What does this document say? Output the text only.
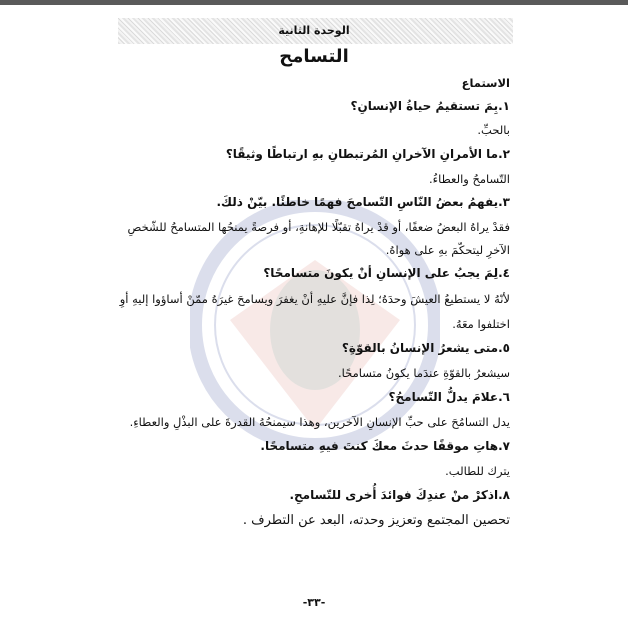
الوحدة الثانية
التسامح
الاستماع
١.بِمَ تستقيمُ حياةُ الإنسانِ؟
بالحبِّ.
٢.ما الأمرانِ الآخرانِ المُرتبطانِ بهِ ارتباطًا وثيقًا؟
التّسامحُ والعطاءُ.
٣.يفهمُ بعضُ النّاسِ التّسامحَ فهمًا خاطئًا. بيّنْ ذلكَ.
فقدْ يراهُ البعضُ ضعفًا، أو قدْ يراهُ تقبّلًا للإهانةِ، أو فرصةً يمنحُها المتسامحُ للشّخصِ
الآخرِ ليتحكّمَ بهِ على هواهُ.
٤.لِمَ يجبُ على الإنسانِ أنْ يكونَ متسامحًا؟
لأنّهُ لا يستطيعُ العيشَ وحدَهُ؛ لِذا فإنَّ عليهِ أنْ يغفرَ ويسامحَ غيرَهُ ممّنْ أساؤوا إليهِ أوِ
اختلفوا معَهُ.
٥.متى يشعرُ الإنسانُ بالقوّةِ؟
سيشعرُ بالقوّةِ عندَما يكونُ متسامحًا.
٦.علامَ يدلُّ التّسامحُ؟
يدل التسامُحَ على حبِّ الإنسانِ الآخرين، وهذا سيمنحُهُ القدرةَ على البذْلِ والعطاءِ.
٧.هاتِ موقفًا حدثَ معكَ كنتَ فيهِ متسامحًا.
يترك للطالب.
٨.اذكرْ منْ عندِكَ فوائدَ أُخرى للتّسامحِ.
تحصين المجتمع وتعزيز وحدته، البعد عن التطرف .
-٣٣-
